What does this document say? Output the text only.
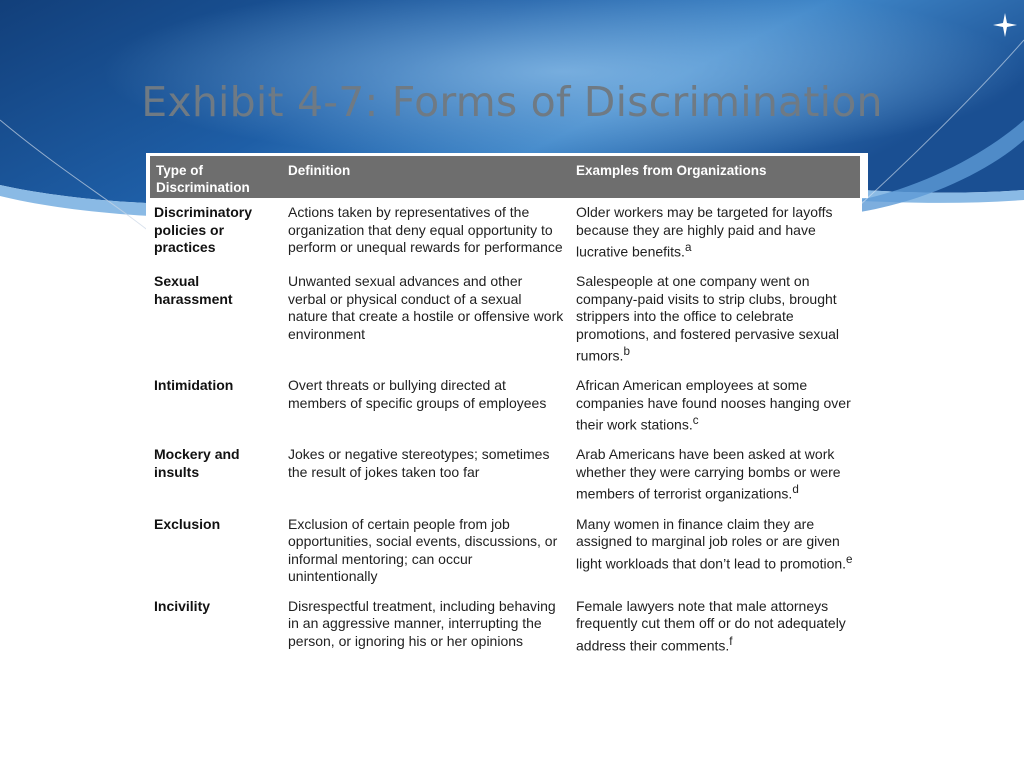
Exhibit 4-7: Forms of Discrimination
Type of Discrimination	Definition	Examples from Organizations
Discriminatory policies or practices	Actions taken by representatives of the organization that deny equal opportunity to perform or unequal rewards for performance	Older workers may be targeted for layoffs because they are highly paid and have lucrative benefits.$^a$
Sexual harassment	Unwanted sexual advances and other verbal or physical conduct of a sexual nature that create a hostile or offensive work environment	Salespeople at one company went on company-paid visits to strip clubs, brought strippers into the office to celebrate promotions, and fostered pervasive sexual rumors.$^b$
Intimidation	Overt threats or bullying directed at members of specific groups of employees	African American employees at some companies have found nooses hanging over their work stations.$^c$
Mockery and insults	Jokes or negative stereotypes; sometimes the result of jokes taken too far	Arab Americans have been asked at work whether they were carrying bombs or were members of terrorist organizations.$^d$
Exclusion	Exclusion of certain people from job opportunities, social events, discussions, or informal mentoring; can occur unintentionally	Many women in finance claim they are assigned to marginal job roles or are given light workloads that don’t lead to promotion.$^e$
Incivility	Disrespectful treatment, including behaving in an aggressive manner, interrupting the person, or ignoring his or her opinions	Female lawyers note that male attorneys frequently cut them off or do not adequately address their comments.$^f$
